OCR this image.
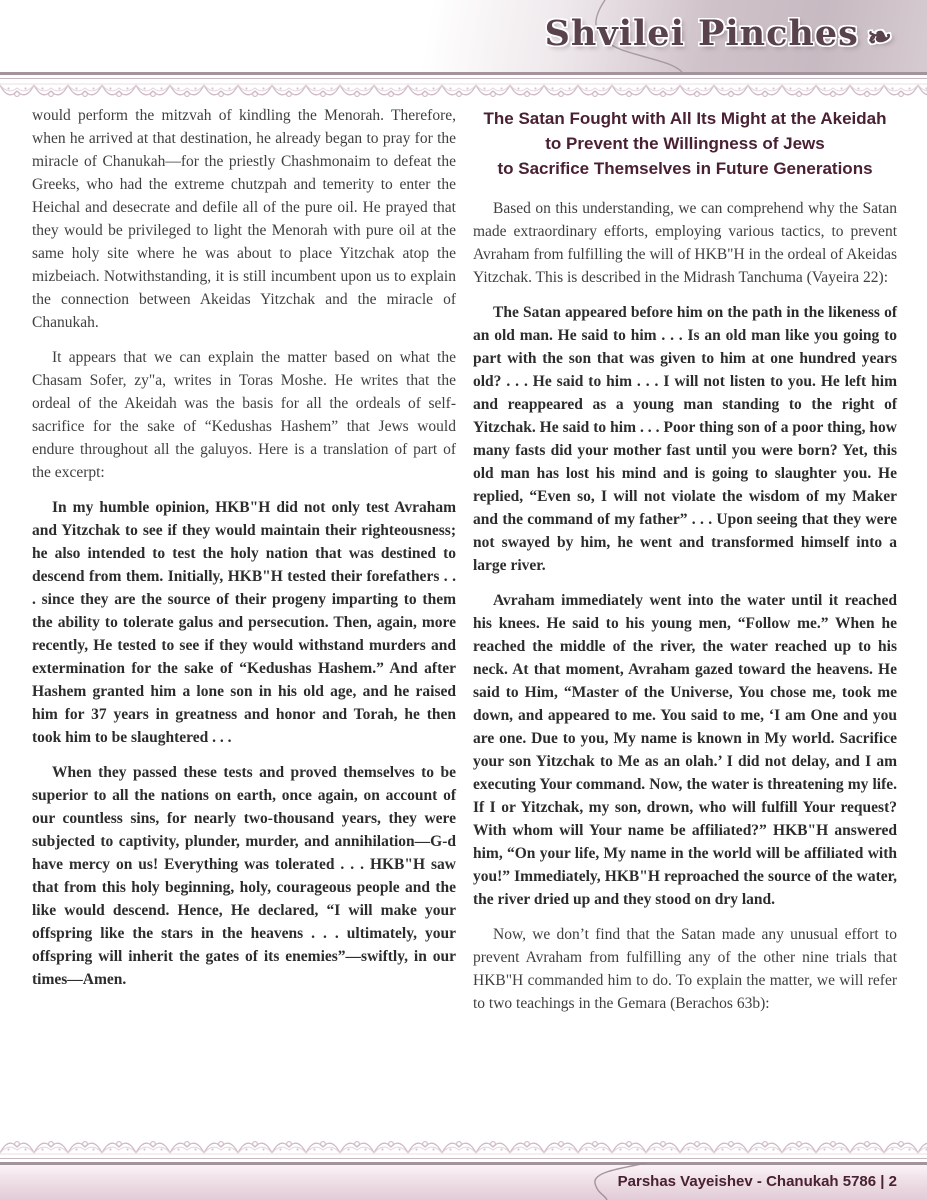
Shvilei Pinches ❧

would perform the mitzvah of kindling the Menorah. Therefore, when he arrived at that destination, he already began to pray for the miracle of Chanukah—for the priestly Chashmonaim to defeat the Greeks, who had the extreme chutzpah and temerity to enter the Heichal and desecrate and defile all of the pure oil. He prayed that they would be privileged to light the Menorah with pure oil at the same holy site where he was about to place Yitzchak atop the mizbeiach. Notwithstanding, it is still incumbent upon us to explain the connection between Akeidas Yitzchak and the miracle of Chanukah.

It appears that we can explain the matter based on what the Chasam Sofer, zy"a, writes in Toras Moshe. He writes that the ordeal of the Akeidah was the basis for all the ordeals of self-sacrifice for the sake of “Kedushas Hashem” that Jews would endure throughout all the galuyos. Here is a translation of part of the excerpt:

In my humble opinion, HKB"H did not only test Avraham and Yitzchak to see if they would maintain their righteousness; he also intended to test the holy nation that was destined to descend from them. Initially, HKB"H tested their forefathers . . . since they are the source of their progeny imparting to them the ability to tolerate galus and persecution. Then, again, more recently, He tested to see if they would withstand murders and extermination for the sake of “Kedushas Hashem.” And after Hashem granted him a lone son in his old age, and he raised him for 37 years in greatness and honor and Torah, he then took him to be slaughtered . . .

When they passed these tests and proved themselves to be superior to all the nations on earth, once again, on account of our countless sins, for nearly two-thousand years, they were subjected to captivity, plunder, murder, and annihilation—G-d have mercy on us! Everything was tolerated . . . HKB"H saw that from this holy beginning, holy, courageous people and the like would descend. Hence, He declared, “I will make your offspring like the stars in the heavens . . . ultimately, your offspring will inherit the gates of its enemies”—swiftly, in our times—Amen.

The Satan Fought with All Its Might at the Akeidah
to Prevent the Willingness of Jews
to Sacrifice Themselves in Future Generations

Based on this understanding, we can comprehend why the Satan made extraordinary efforts, employing various tactics, to prevent Avraham from fulfilling the will of HKB"H in the ordeal of Akeidas Yitzchak. This is described in the Midrash Tanchuma (Vayeira 22):

The Satan appeared before him on the path in the likeness of an old man. He said to him . . . Is an old man like you going to part with the son that was given to him at one hundred years old? . . . He said to him . . . I will not listen to you. He left him and reappeared as a young man standing to the right of Yitzchak. He said to him . . . Poor thing son of a poor thing, how many fasts did your mother fast until you were born? Yet, this old man has lost his mind and is going to slaughter you. He replied, “Even so, I will not violate the wisdom of my Maker and the command of my father” . . . Upon seeing that they were not swayed by him, he went and transformed himself into a large river.

Avraham immediately went into the water until it reached his knees. He said to his young men, “Follow me.” When he reached the middle of the river, the water reached up to his neck. At that moment, Avraham gazed toward the heavens. He said to Him, “Master of the Universe, You chose me, took me down, and appeared to me. You said to me, ‘I am One and you are one. Due to you, My name is known in My world. Sacrifice your son Yitzchak to Me as an olah.’ I did not delay, and I am executing Your command. Now, the water is threatening my life. If I or Yitzchak, my son, drown, who will fulfill Your request? With whom will Your name be affiliated?” HKB"H answered him, “On your life, My name in the world will be affiliated with you!” Immediately, HKB"H reproached the source of the water, the river dried up and they stood on dry land.

Now, we don’t find that the Satan made any unusual effort to prevent Avraham from fulfilling any of the other nine trials that HKB"H commanded him to do. To explain the matter, we will refer to two teachings in the Gemara (Berachos 63b):

Parshas Vayeishev - Chanukah 5786 | 2
